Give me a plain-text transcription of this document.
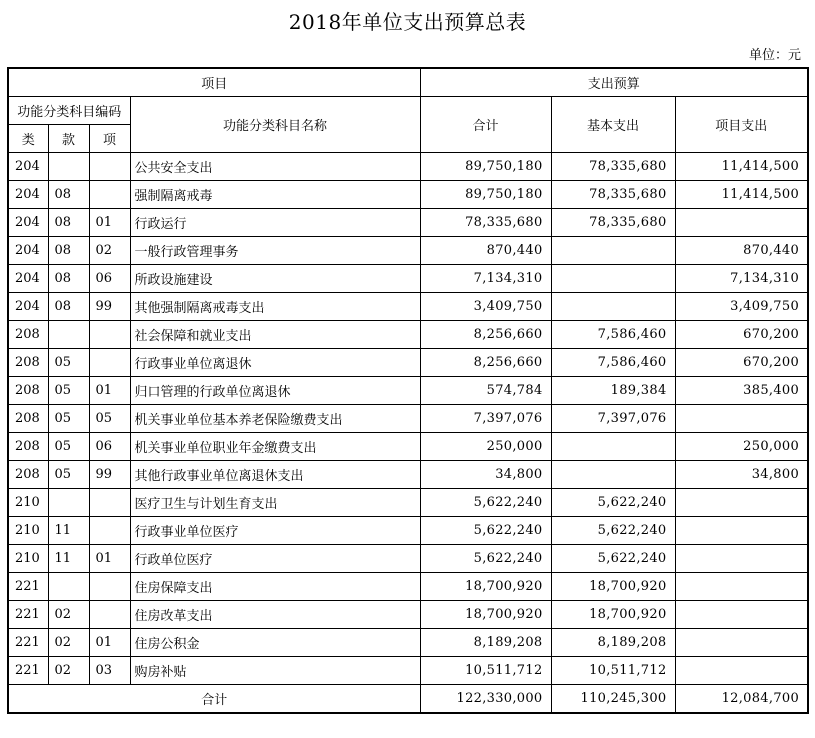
2018年单位支出预算总表
单位：元
项目				支出预算		
功能分类科目编码			功能分类科目名称	合计	基本支出	项目支出
类	款	项				
204			公共安全支出	89,750,180	78,335,680	11,414,500
204	08		强制隔离戒毒	89,750,180	78,335,680	11,414,500
204	08	01	行政运行	78,335,680	78,335,680	
204	08	02	一般行政管理事务	870,440		870,440
204	08	06	所政设施建设	7,134,310		7,134,310
204	08	99	其他强制隔离戒毒支出	3,409,750		3,409,750
208			社会保障和就业支出	8,256,660	7,586,460	670,200
208	05		行政事业单位离退休	8,256,660	7,586,460	670,200
208	05	01	归口管理的行政单位离退休	574,784	189,384	385,400
208	05	05	机关事业单位基本养老保险缴费支出	7,397,076	7,397,076	
208	05	06	机关事业单位职业年金缴费支出	250,000		250,000
208	05	99	其他行政事业单位离退休支出	34,800		34,800
210			医疗卫生与计划生育支出	5,622,240	5,622,240	
210	11		行政事业单位医疗	5,622,240	5,622,240	
210	11	01	行政单位医疗	5,622,240	5,622,240	
221			住房保障支出	18,700,920	18,700,920	
221	02		住房改革支出	18,700,920	18,700,920	
221	02	01	住房公积金	8,189,208	8,189,208	
221	02	03	购房补贴	10,511,712	10,511,712	
合计				122,330,000	110,245,300	12,084,700
